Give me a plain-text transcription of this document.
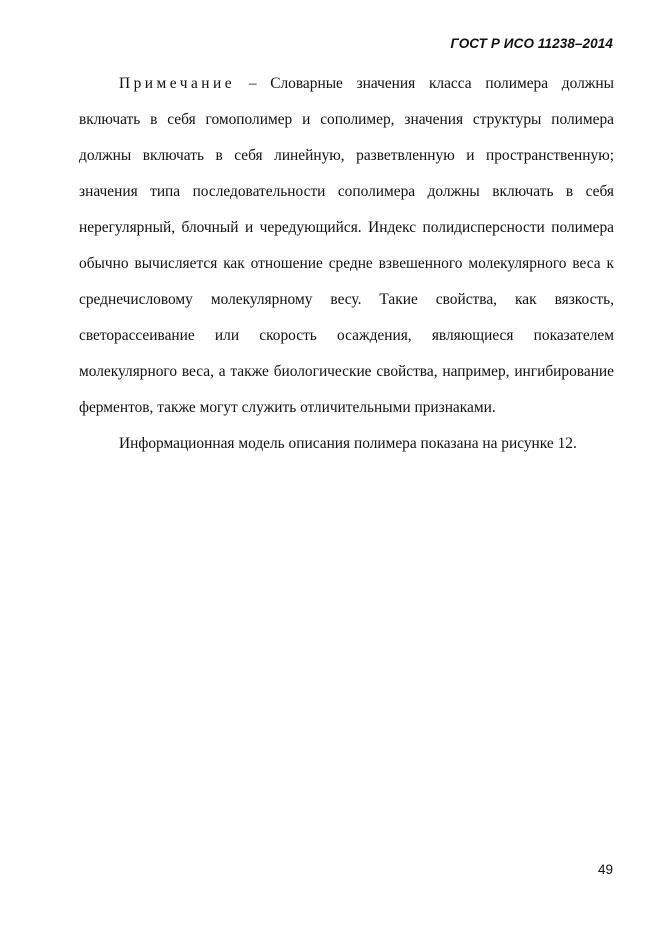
ГОСТ Р ИСО 11238–2014

Примечание – Словарные значения класса полимера должны включать в себя гомополимер и сополимер, значения структуры полимера должны включать в себя линейную, разветвленную и пространственную; значения типа последовательности сополимера должны включать в себя нерегулярный, блочный и чередующийся. Индекс полидисперсности полимера обычно вычисляется как отношение средне взвешенного молекулярного веса к среднечисловому молекулярному весу. Такие свойства, как вязкость, светорассеивание или скорость осаждения, являющиеся показателем молекулярного веса, а также биологические свойства, например, ингибирование ферментов, также могут служить отличительными признаками.

Информационная модель описания полимера показана на рисунке 12.

49
